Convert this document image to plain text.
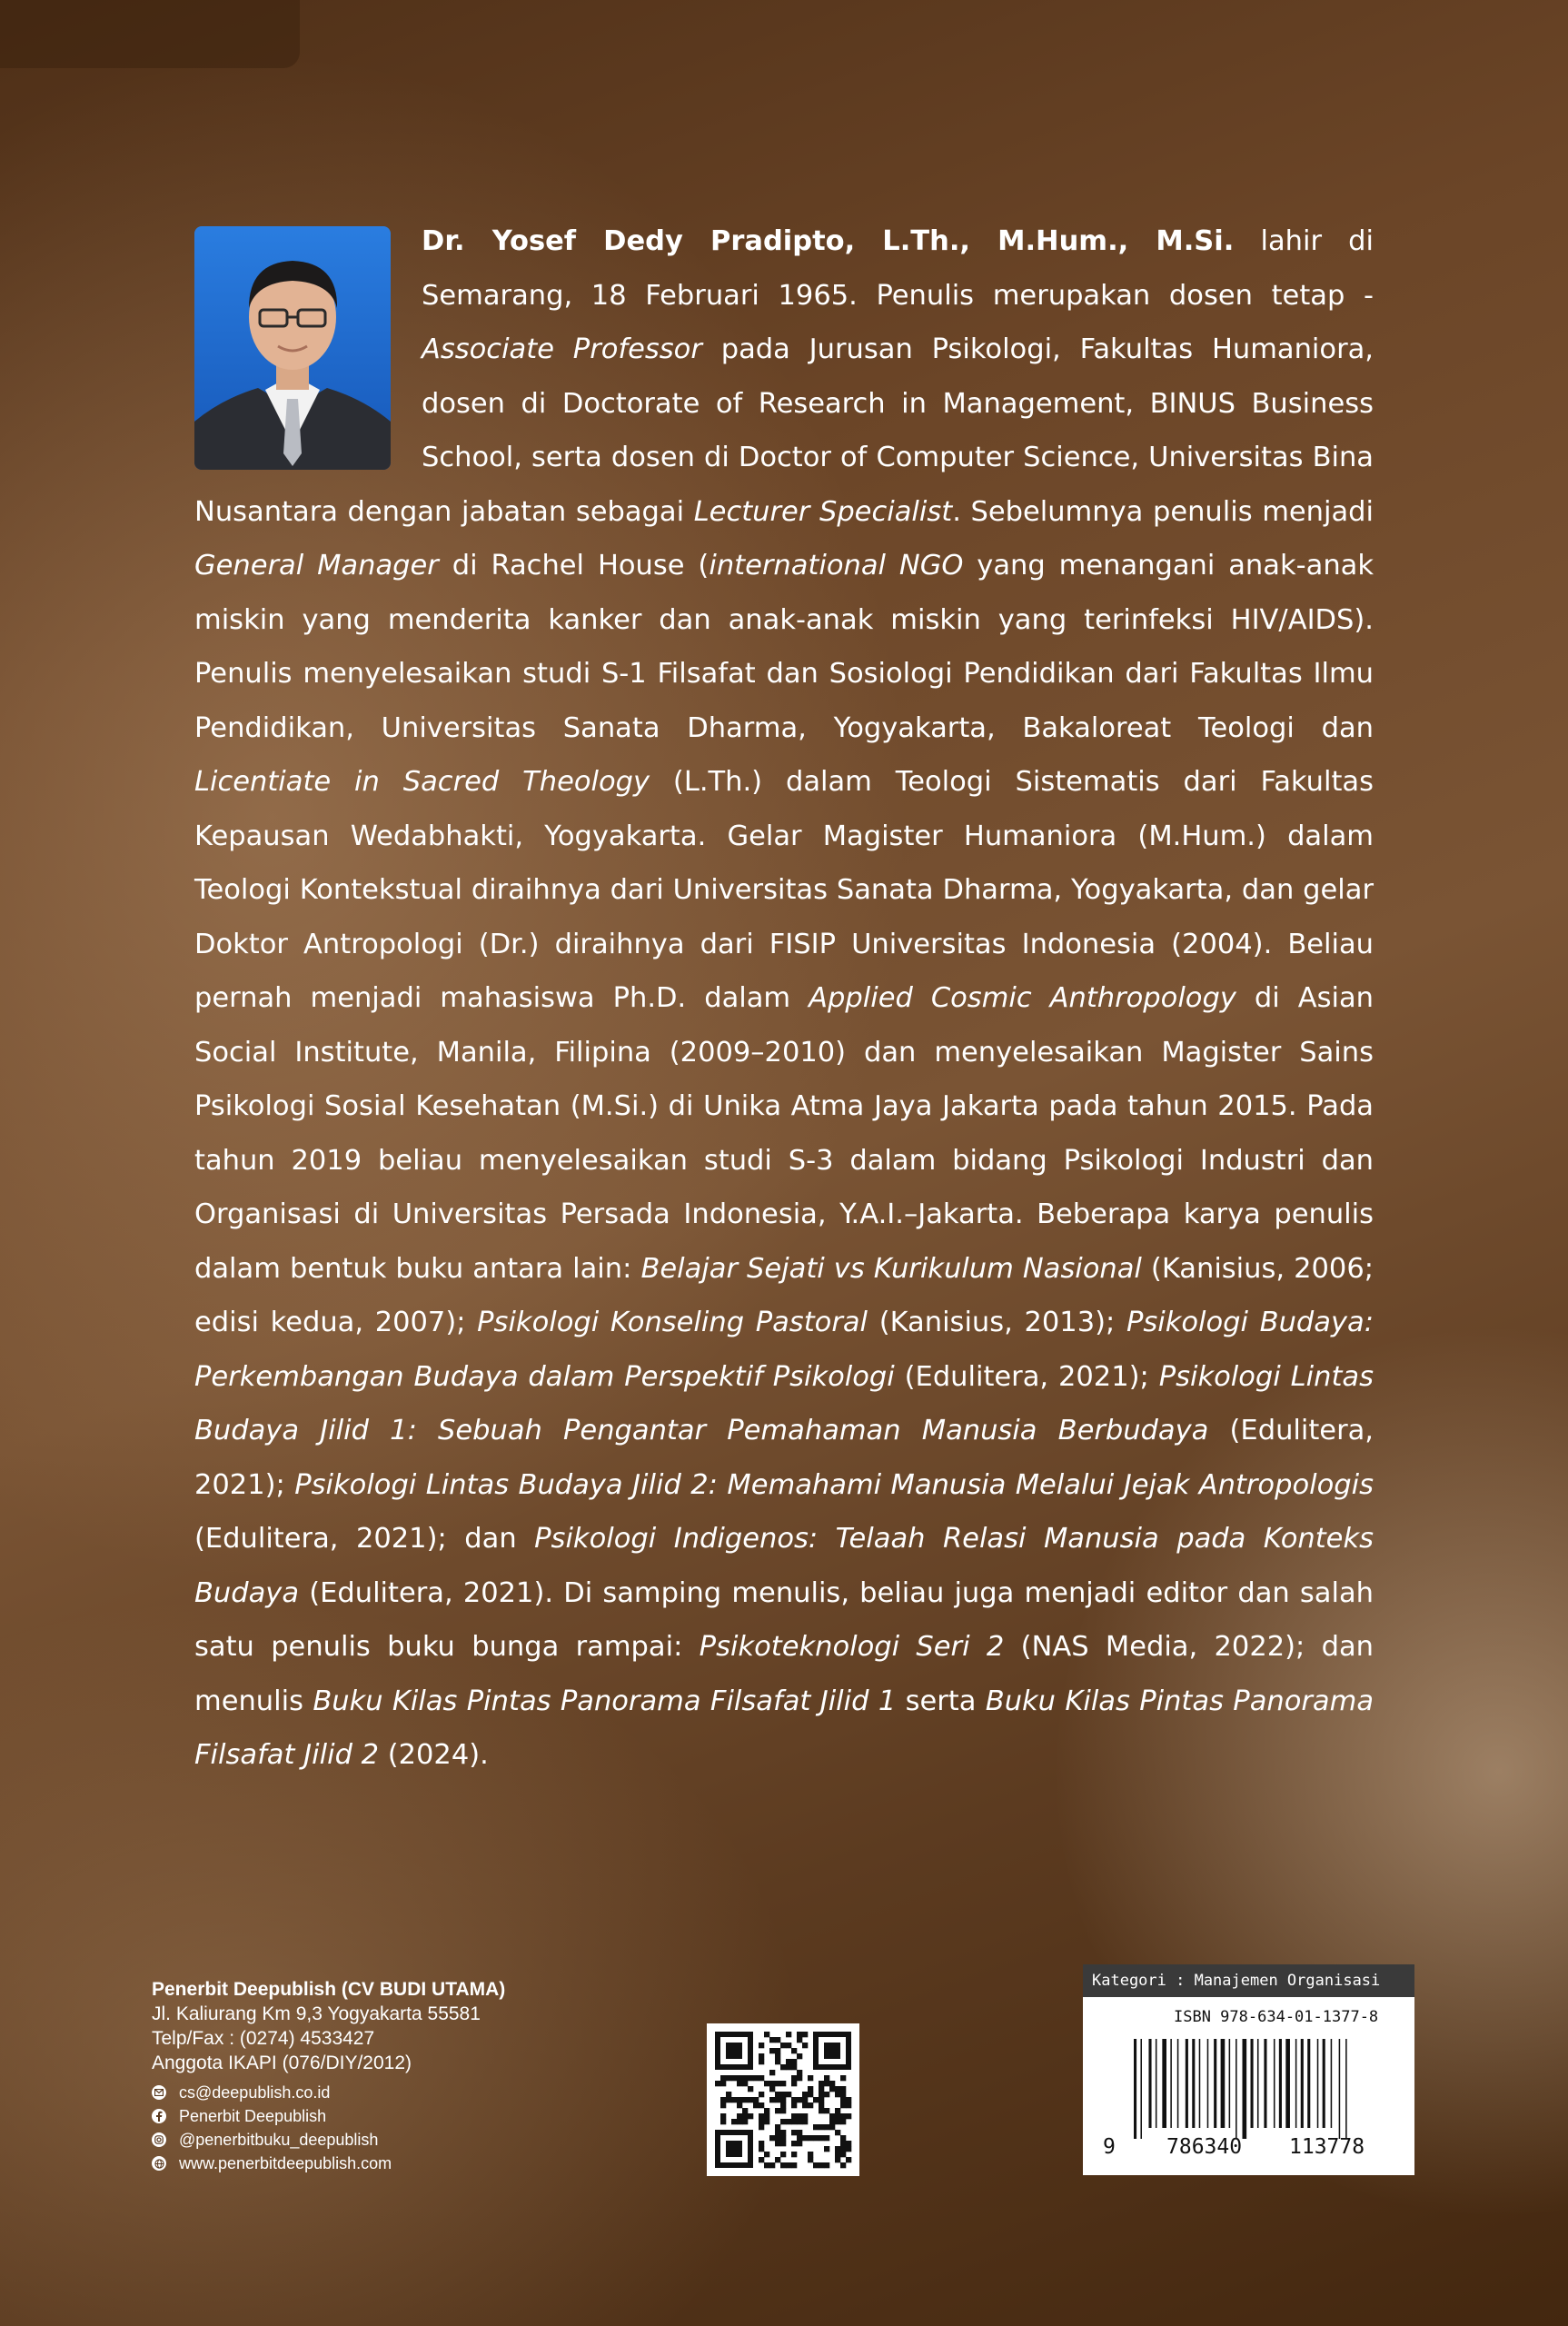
Dr. Yosef Dedy Pradipto, L.Th., M.Hum., M.Si. lahir di Semarang, 18 Februari 1965. Penulis merupakan dosen tetap - Associate Professor pada Jurusan Psikologi, Fakultas Humaniora, dosen di Doctorate of Research in Management, BINUS Business School, serta dosen di Doctor of Computer Science, Universitas Bina Nusantara dengan jabatan sebagai Lecturer Specialist. Sebelumnya penulis menjadi General Manager di Rachel House (international NGO yang menangani anak-anak miskin yang menderita kanker dan anak-anak miskin yang terinfeksi HIV/AIDS). Penulis menyelesaikan studi S-1 Filsafat dan Sosiologi Pendidikan dari Fakultas Ilmu Pendidikan, Universitas Sanata Dharma, Yogyakarta, Bakaloreat Teologi dan Licentiate in Sacred Theology (L.Th.) dalam Teologi Sistematis dari Fakultas Kepausan Wedabhakti, Yogyakarta. Gelar Magister Humaniora (M.Hum.) dalam Teologi Kontekstual diraihnya dari Universitas Sanata Dharma, Yogyakarta, dan gelar Doktor Antropologi (Dr.) diraihnya dari FISIP Universitas Indonesia (2004). Beliau pernah menjadi mahasiswa Ph.D. dalam Applied Cosmic Anthropology di Asian Social Institute, Manila, Filipina (2009–2010) dan menyelesaikan Magister Sains Psikologi Sosial Kesehatan (M.Si.) di Unika Atma Jaya Jakarta pada tahun 2015. Pada tahun 2019 beliau menyelesaikan studi S-3 dalam bidang Psikologi Industri dan Organisasi di Universitas Persada Indonesia, Y.A.I.–Jakarta. Beberapa karya penulis dalam bentuk buku antara lain: Belajar Sejati vs Kurikulum Nasional (Kanisius, 2006; edisi kedua, 2007); Psikologi Konseling Pastoral (Kanisius, 2013); Psikologi Budaya: Perkembangan Budaya dalam Perspektif Psikologi (Edulitera, 2021); Psikologi Lintas Budaya Jilid 1: Sebuah Pengantar Pemahaman Manusia Berbudaya (Edulitera, 2021); Psikologi Lintas Budaya Jilid 2: Memahami Manusia Melalui Jejak Antropologis (Edulitera, 2021); dan Psikologi Indigenos: Telaah Relasi Manusia pada Konteks Budaya (Edulitera, 2021). Di samping menulis, beliau juga menjadi editor dan salah satu penulis buku bunga rampai: Psikoteknologi Seri 2 (NAS Media, 2022); dan menulis Buku Kilas Pintas Panorama Filsafat Jilid 1 serta Buku Kilas Pintas Panorama Filsafat Jilid 2 (2024).
Penerbit Deepublish (CV BUDI UTAMA)
Jl. Kaliurang Km 9,3 Yogyakarta 55581
Telp/Fax : (0274) 4533427
Anggota IKAPI (076/DIY/2012)
cs@deepublish.co.id
Penerbit Deepublish
@penerbitbuku_deepublish
www.penerbitdeepublish.com
Kategori : Manajemen Organisasi
ISBN 978-634-01-1377-8
9 786340 113778
